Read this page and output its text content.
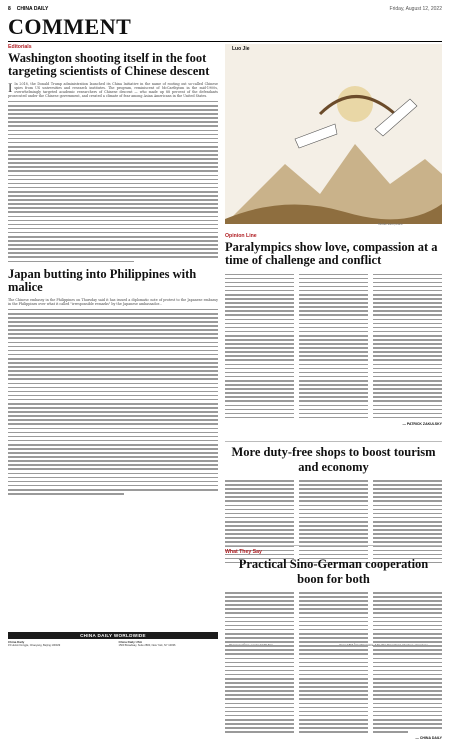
8 CHINA DAILY	Friday, August 12, 2022
COMMENT
Editorials
Washington shooting itself in the foot targeting scientists of Chinese descent
I In 2018, the Donald Trump administration launched its China Initiative in the name of rooting out so-called Chinese spies from US universities and research institutes. The program, reminiscent of McCarthyism in the mid-1900s, overwhelmingly targeted academic researchers of Chinese descent — who made up 88 percent of the defendants prosecuted under the Chinese government, and created a climate of fear among Asian Americans in the United States.
Japan butting into Philippines with malice
The Chinese embassy in the Philippines on Thursday said it has issued a diplomatic note of protest to the Japanese embassy in the Philippines over what it called "irresponsible remarks" by the Japanese ambassador...
CHINA DAILY WORLDWIDE
China Daily
15 Huixin Dongjie, Chaoyang, Beijing 100029
China Daily USA
1500 Broadway, Suite 2800, New York, NY 10036	Centre,
Luo Jie
Middle East peace
Opinion Line
Paralympics show love, compassion at a time of challenge and conflict
— PATRICK ZAKULSKY
More duty-free shops to boost tourism and economy
What They Say
Practical Sino-German cooperation boon for both
— CHINA DAILY
